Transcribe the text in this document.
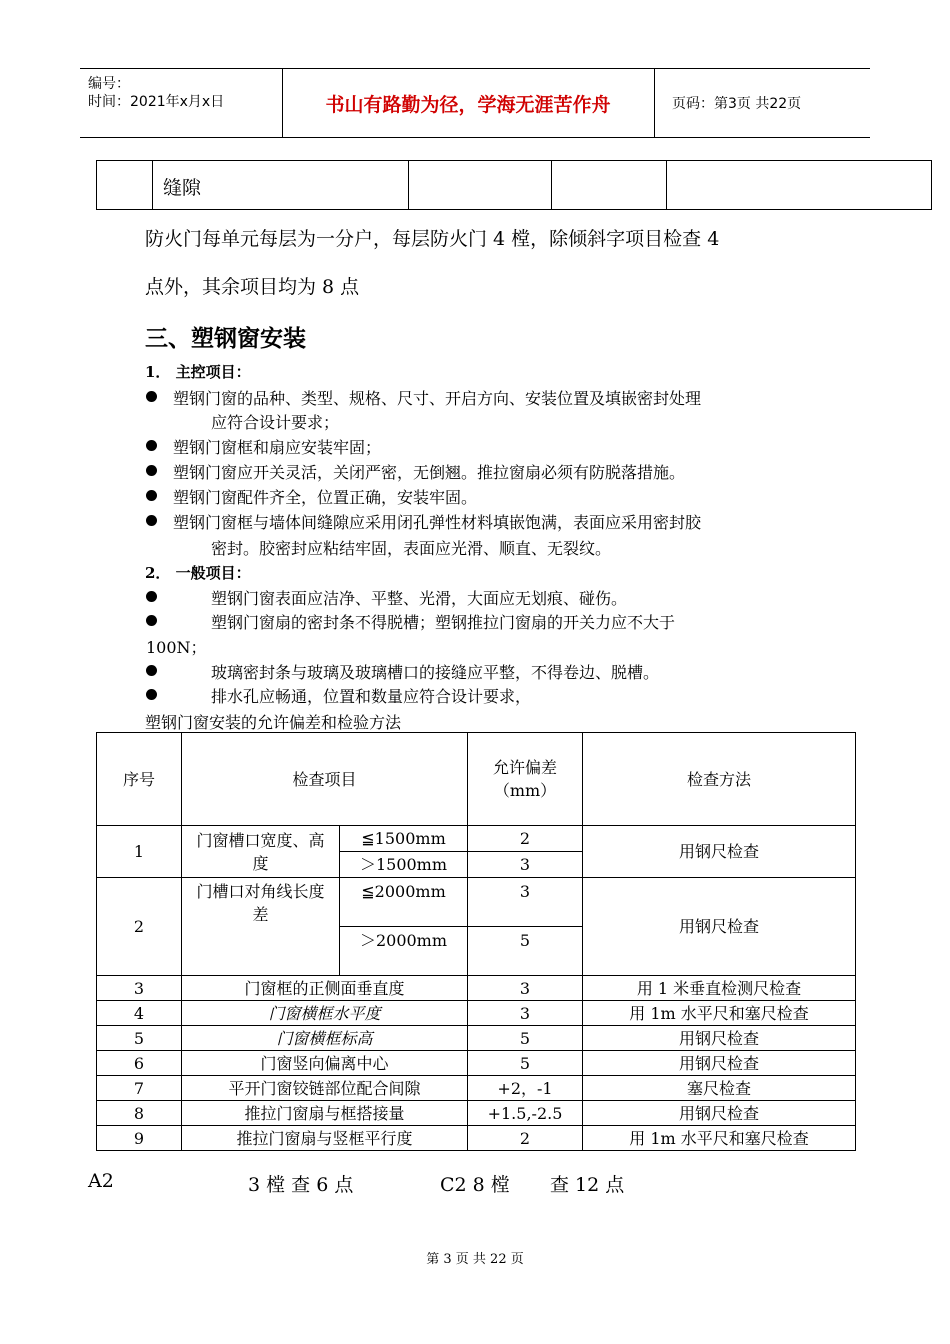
编号：
时间：2021年x月x日	书山有路勤为径，学海无涯苦作舟	页码：第3页 共22页
缝隙
防火门每单元每层为一分户，每层防火门 4 樘，除倾斜字项目检查 4
点外，其余项目均为 8 点
三、塑钢窗安装
1． 主控项目：
塑钢门窗的品种、类型、规格、尺寸、开启方向、安装位置及填嵌密封处理
应符合设计要求；
塑钢门窗框和扇应安装牢固；
塑钢门窗应开关灵活，关闭严密，无倒翘。推拉窗扇必须有防脱落措施。
塑钢门窗配件齐全，位置正确，安装牢固。
塑钢门窗框与墙体间缝隙应采用闭孔弹性材料填嵌饱满，表面应采用密封胶
密封。胶密封应粘结牢固，表面应光滑、顺直、无裂纹。
2． 一般项目：
塑钢门窗表面应洁净、平整、光滑，大面应无划痕、碰伤。
塑钢门窗扇的密封条不得脱槽；塑钢推拉门窗扇的开关力应不大于
100N；
玻璃密封条与玻璃及玻璃槽口的接缝应平整，不得卷边、脱槽。
排水孔应畅通，位置和数量应符合设计要求，
塑钢门窗安装的允许偏差和检验方法
序号	检查项目		允许偏差（mm）	检查方法
1	门窗槽口宽度、高度	≦1500mm	2	用钢尺检查
		＞1500mm	3	
2	门槽口对角线长度差	≦2000mm	3	用钢尺检查
		＞2000mm	5	
3	门窗框的正侧面垂直度		3	用 1 米垂直检测尺检查
4	门窗横框水平度		3	用 1m 水平尺和塞尺检查
5	门窗横框标高		5	用钢尺检查
6	门窗竖向偏离中心		5	用钢尺检查
7	平开门窗铰链部位配合间隙		+2，-1	塞尺检查
8	推拉门窗扇与框搭接量		+1.5,-2.5	用钢尺检查
9	推拉门窗扇与竖框平行度		2	用 1m 水平尺和塞尺检查
A2	3 樘 查 6 点	C2 8 樘 查 12 点
第 3 页 共 22 页
